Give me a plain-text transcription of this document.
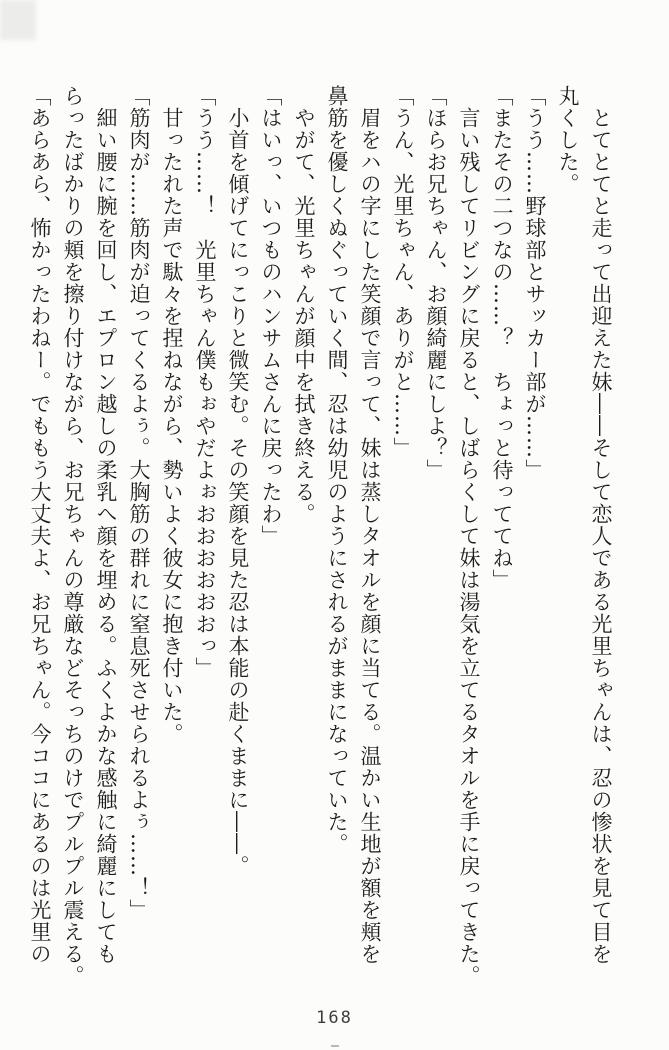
　とてとてと走って出迎えた妹――そして恋人である光里ちゃんは、忍の惨状を見て目を
丸くした。
「うう……野球部とサッカー部が……」
「またその二つなの……？　ちょっと待っててね」
　言い残してリビングに戻ると、しばらくして妹は湯気を立てるタオルを手に戻ってきた。
「ほらお兄ちゃん、お顔綺麗にしよ？」
「うん、光里ちゃん、ありがと……」
　眉をハの字にした笑顔で言って、妹は蒸しタオルを顔に当てる。温かい生地が額を頬を
鼻筋を優しくぬぐっていく間、忍は幼児のようにされるがままになっていた。
　やがて、光里ちゃんが顔中を拭き終える。
「はいっ、いつものハンサムさんに戻ったわ」
　小首を傾げてにっこりと微笑む。その笑顔を見た忍は本能の赴くままに――。
「うう……！　光里ちゃん僕もぉやだよぉおおおおおおっ」
　甘ったれた声で駄々を捏ねながら、勢いよく彼女に抱き付いた。
「筋肉が……筋肉が迫ってくるよぅ。大胸筋の群れに窒息死させられるよぅ……！」
　細い腰に腕を回し、エプロン越しの柔乳へ顔を埋める。ふくよかな感触に綺麗にしても
らったばかりの頬を擦り付けながら、お兄ちゃんの尊厳などそっちのけでプルプル震える。
「あらあら、怖かったわねー。でももう大丈夫よ、お兄ちゃん。今ココにあるのは光里の
168
